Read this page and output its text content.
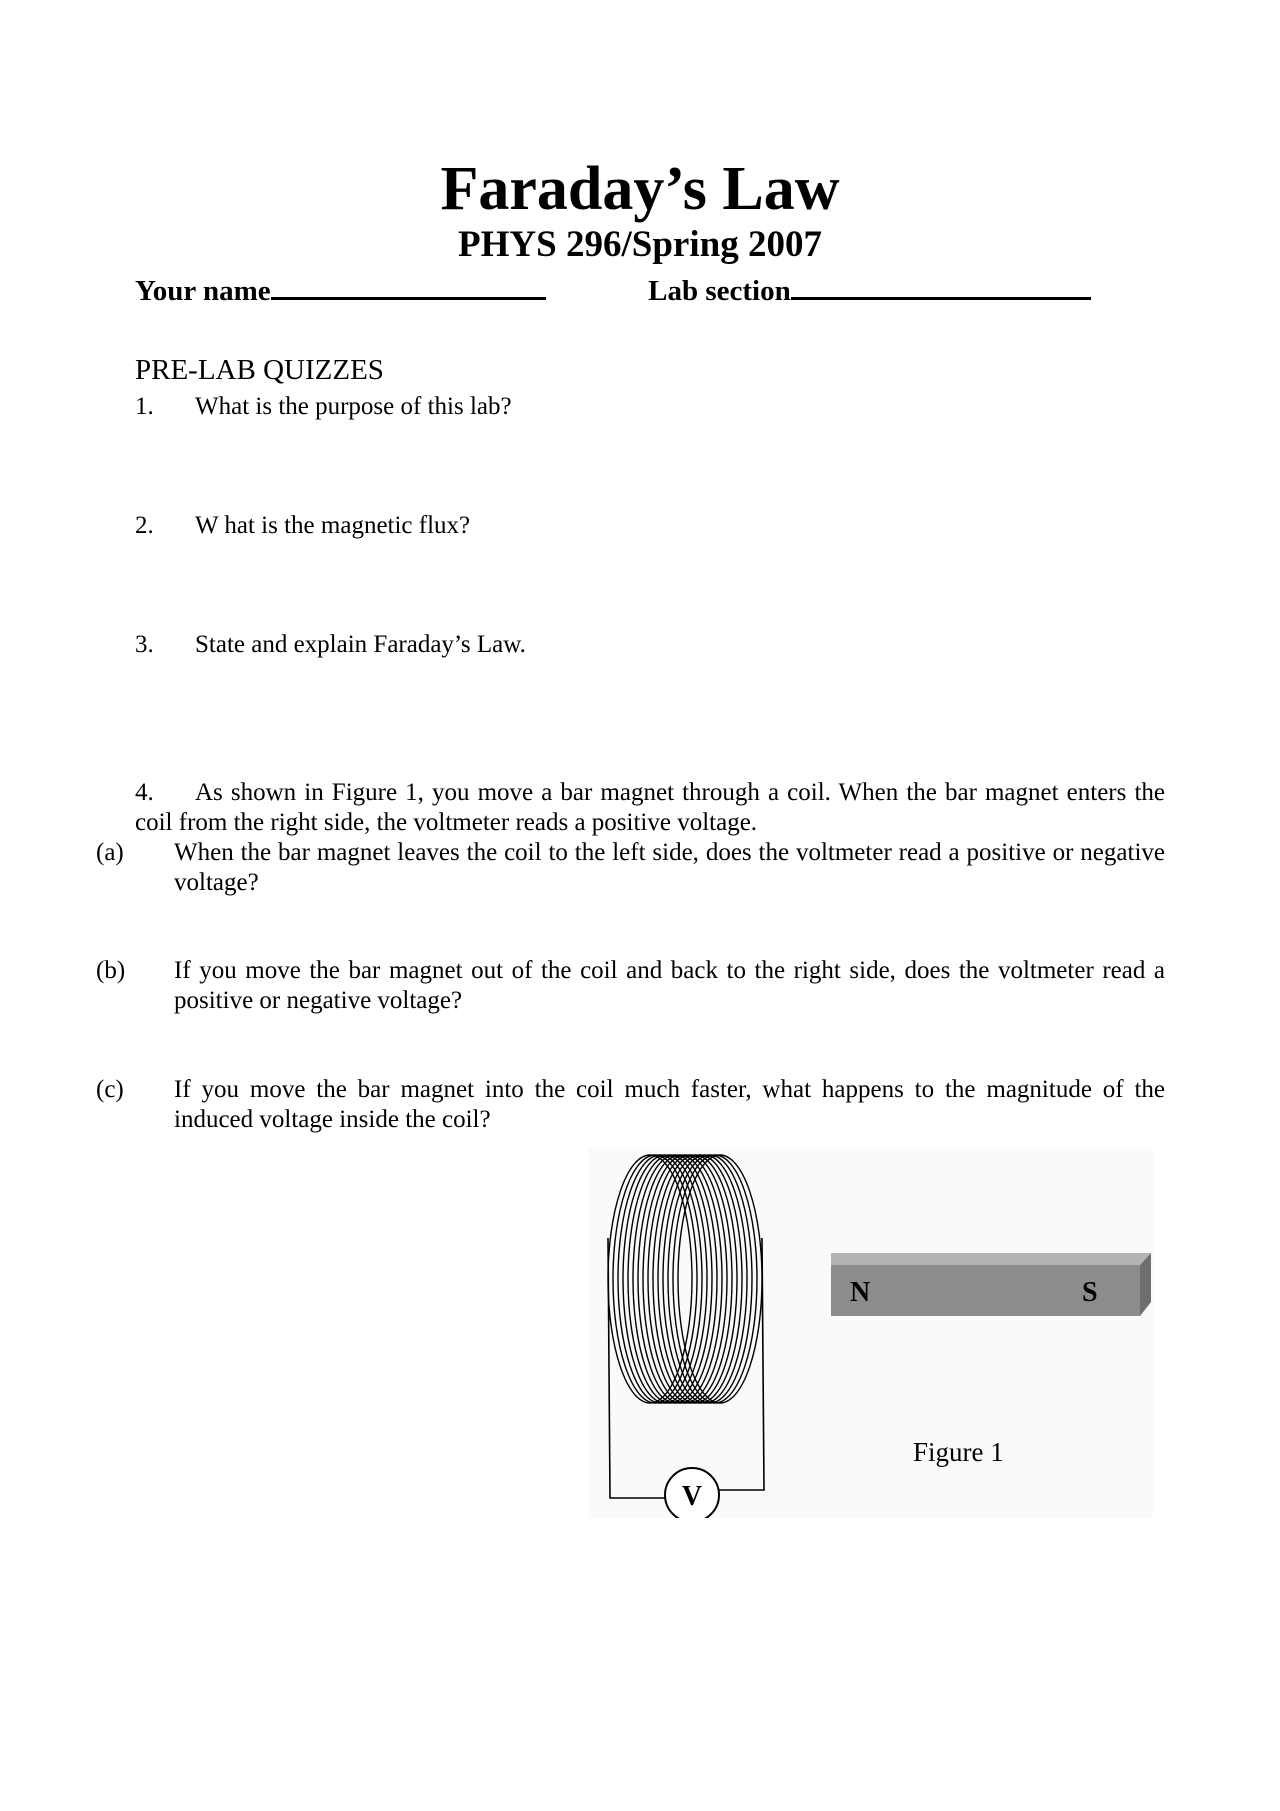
Faraday’s Law
PHYS 296/Spring 2007
Your name	Lab section
PRE-LAB QUIZZES
1. What is the purpose of this lab?
2. W hat is the magnetic flux?
3. State and explain Faraday’s Law.
4. As shown in Figure 1, you move a bar magnet through a coil. When the bar magnet enters the coil from the right side, the voltmeter reads a positive voltage.
(a) When the bar magnet leaves the coil to the left side, does the voltmeter read a positive or negative voltage?
(b) If you move the bar magnet out of the coil and back to the right side, does the voltmeter read a positive or negative voltage?
(c) If you move the bar magnet into the coil much faster, what happens to the magnitude of the induced voltage inside the coil?
V
N	S
Figure 1
